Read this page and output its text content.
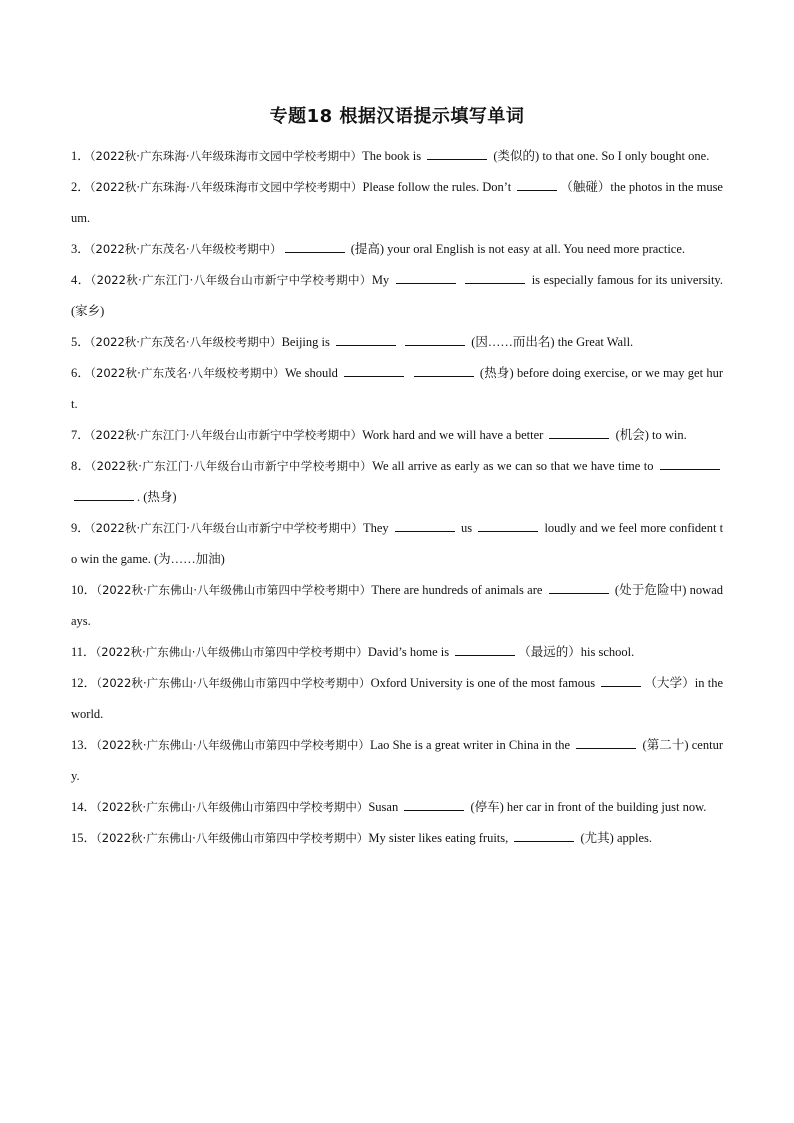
专题18 根据汉语提示填写单词
1．（2022秋·广东珠海·八年级珠海市文园中学校考期中）The book is	(类似的) to that one. So I only bought one.
2．（2022秋·广东珠海·八年级珠海市文园中学校考期中）Please follow the rules. Don’t	（触碰）the photos in the museum.
3．（2022秋·广东茂名·八年级校考期中）	(提高) your oral English is not easy at all. You need more practice.
4．（2022秋·广东江门·八年级台山市新宁中学校考期中）My	is especially famous for its university. (家乡)
5．（2022秋·广东茂名·八年级校考期中）Beijing is	(因……而出名) the Great Wall.
6．（2022秋·广东茂名·八年级校考期中）We should	(热身) before doing exercise, or we may get hurt.
7．（2022秋·广东江门·八年级台山市新宁中学校考期中）Work hard and we will have a better	(机会) to win.
8．（2022秋·广东江门·八年级台山市新宁中学校考期中）We all arrive as early as we can so that we have time to  . (热身)
9．（2022秋·广东江门·八年级台山市新宁中学校考期中）They	us	loudly and we feel more confident to win the game. (为……加油)
10．（2022秋·广东佛山·八年级佛山市第四中学校考期中）There are hundreds of animals are	(处于危险中) nowadays.
11．（2022秋·广东佛山·八年级佛山市第四中学校考期中）David’s home is	（最远的）his school.
12．（2022秋·广东佛山·八年级佛山市第四中学校考期中）Oxford University is one of the most famous	（大学）in the world.
13．（2022秋·广东佛山·八年级佛山市第四中学校考期中）Lao She is a great writer in China in the	(第二十) century.
14．（2022秋·广东佛山·八年级佛山市第四中学校考期中）Susan	(停车) her car in front of the building just now.
15．（2022秋·广东佛山·八年级佛山市第四中学校考期中）My sister likes eating fruits,	(尤其) apples.
